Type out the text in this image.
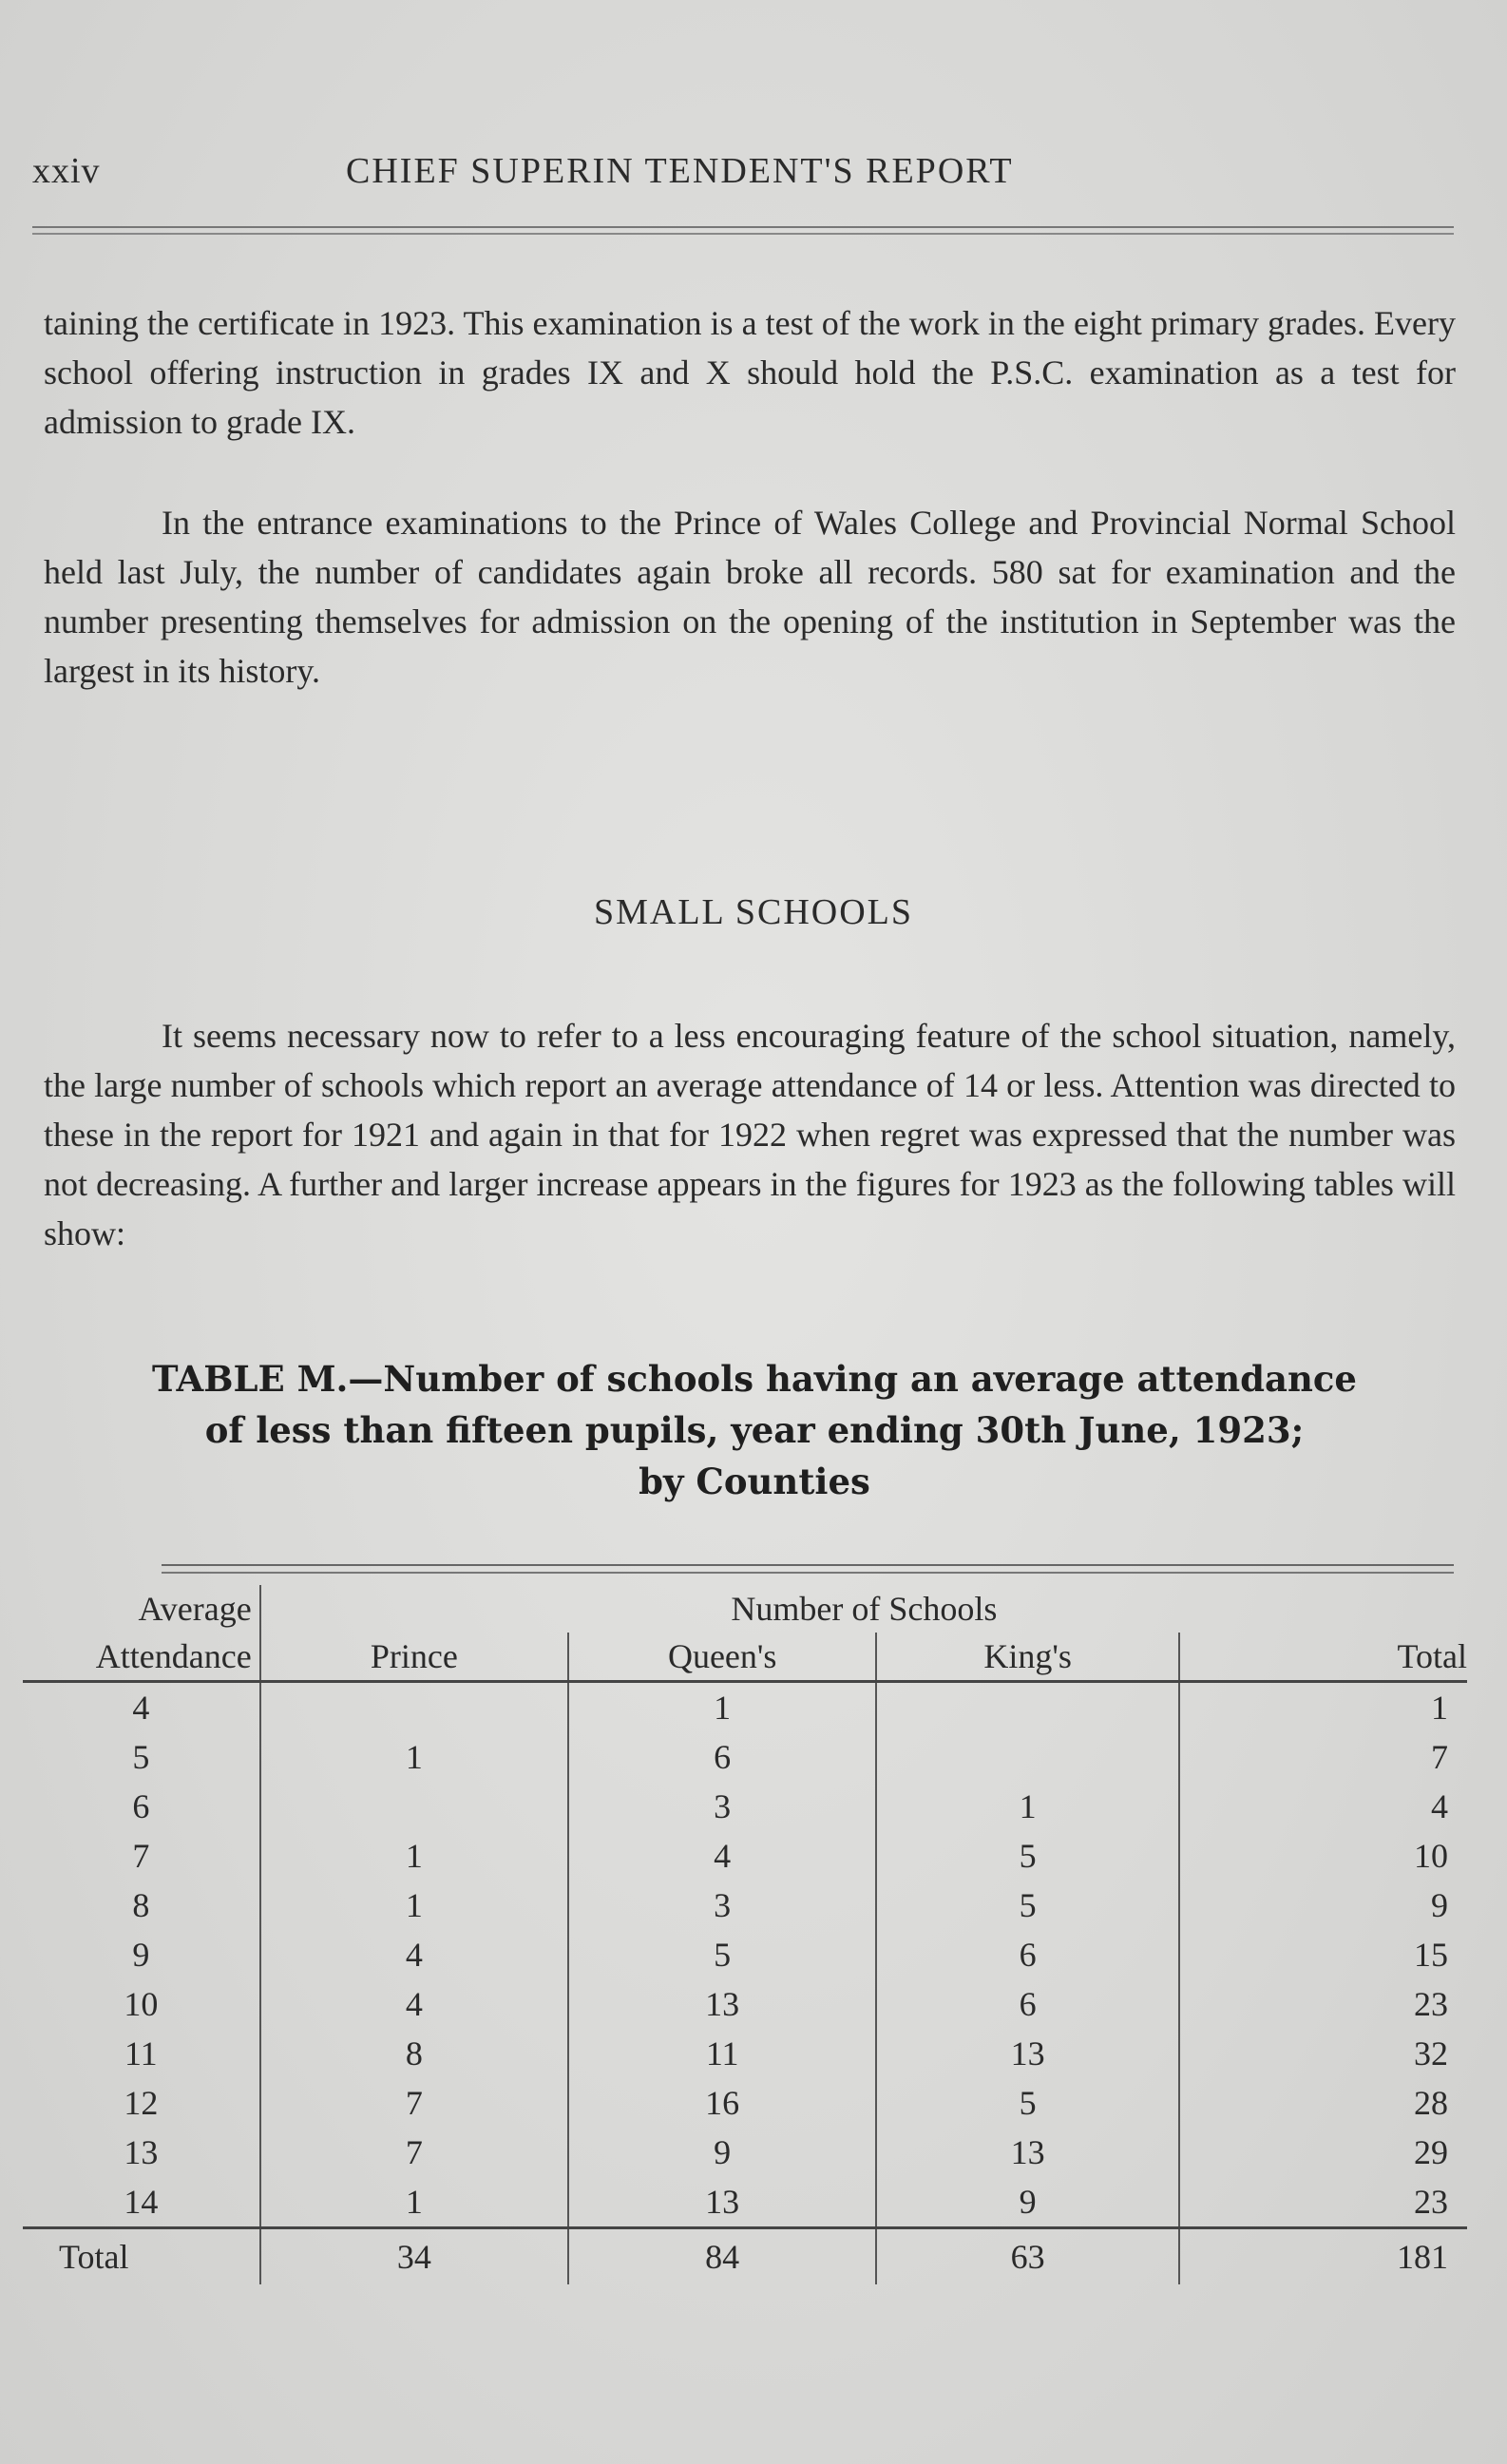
xxiv	CHIEF SUPERIN TENDENT'S REPORT

taining the certificate in 1923. This examination is a test of the work in the eight primary grades. Every school offering instruction in grades IX and X should hold the P.S.C. examination as a test for admission to grade IX.

In the entrance examinations to the Prince of Wales College and Provincial Normal School held last July, the number of candidates again broke all records. 580 sat for examination and the number presenting themselves for admission on the opening of the institution in September was the largest in its history.

SMALL SCHOOLS

It seems necessary now to refer to a less encouraging feature of the school situation, namely, the large number of schools which report an average attendance of 14 or less. Attention was directed to these in the report for 1921 and again in that for 1922 when regret was expressed that the number was not decreasing. A further and larger increase appears in the figures for 1923 as the following tables will show:

TABLE M.—Number of schools having an average attendance
of less than fifteen pupils, year ending 30th June, 1923;
by Counties
Average	Number of Schools			
Attendance	Prince	Queen's	King's	Total
4		1		1
5	1	6		7
6		3	1	4
7	1	4	5	10
8	1	3	5	9
9	4	5	6	15
10	4	13	6	23
11	8	11	13	32
12	7	16	5	28
13	7	9	13	29
14	1	13	9	23
Total	34	84	63	181
